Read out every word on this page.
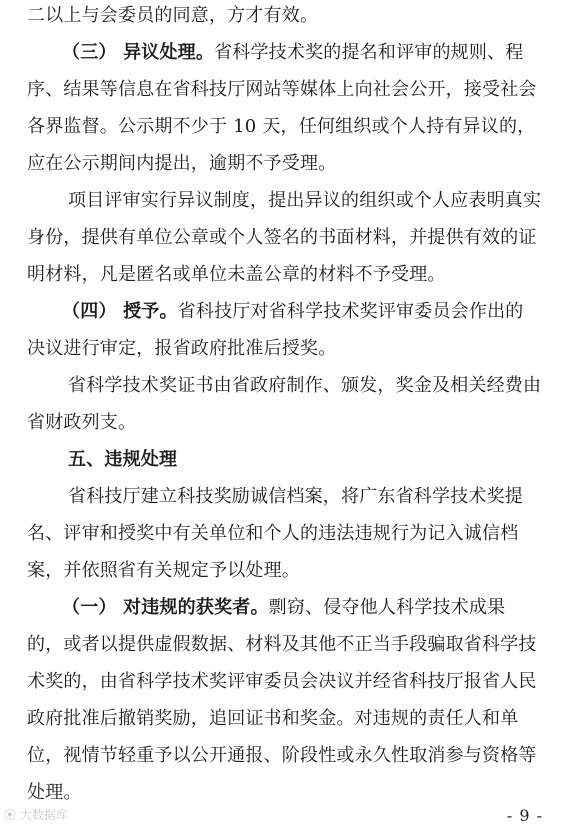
二以上与会委员的同意，方才有效。
（三） 异议处理。省科学技术奖的提名和评审的规则、程
序、结果等信息在省科技厅网站等媒体上向社会公开，接受社会
各界监督。公示期不少于 10 天，任何组织或个人持有异议的，
应在公示期间内提出，逾期不予受理。
项目评审实行异议制度，提出异议的组织或个人应表明真实
身份，提供有单位公章或个人签名的书面材料，并提供有效的证
明材料，凡是匿名或单位未盖公章的材料不予受理。
（四） 授予。省科技厅对省科学技术奖评审委员会作出的
决议进行审定，报省政府批准后授奖。
省科学技术奖证书由省政府制作、颁发，奖金及相关经费由
省财政列支。
五、违规处理
省科技厅建立科技奖励诚信档案，将广东省科学技术奖提
名、评审和授奖中有关单位和个人的违法违规行为记入诚信档
案，并依照省有关规定予以处理。
（一） 对违规的获奖者。剽窃、侵夺他人科学技术成果
的，或者以提供虚假数据、材料及其他不正当手段骗取省科学技
术奖的，由省科学技术奖评审委员会决议并经省科技厅报省人民
政府批准后撤销奖励，追回证书和奖金。对违规的责任人和单
位，视情节轻重予以公开通报、阶段性或永久性取消参与资格等
处理。
⦿ 大数据库	- 9 -
